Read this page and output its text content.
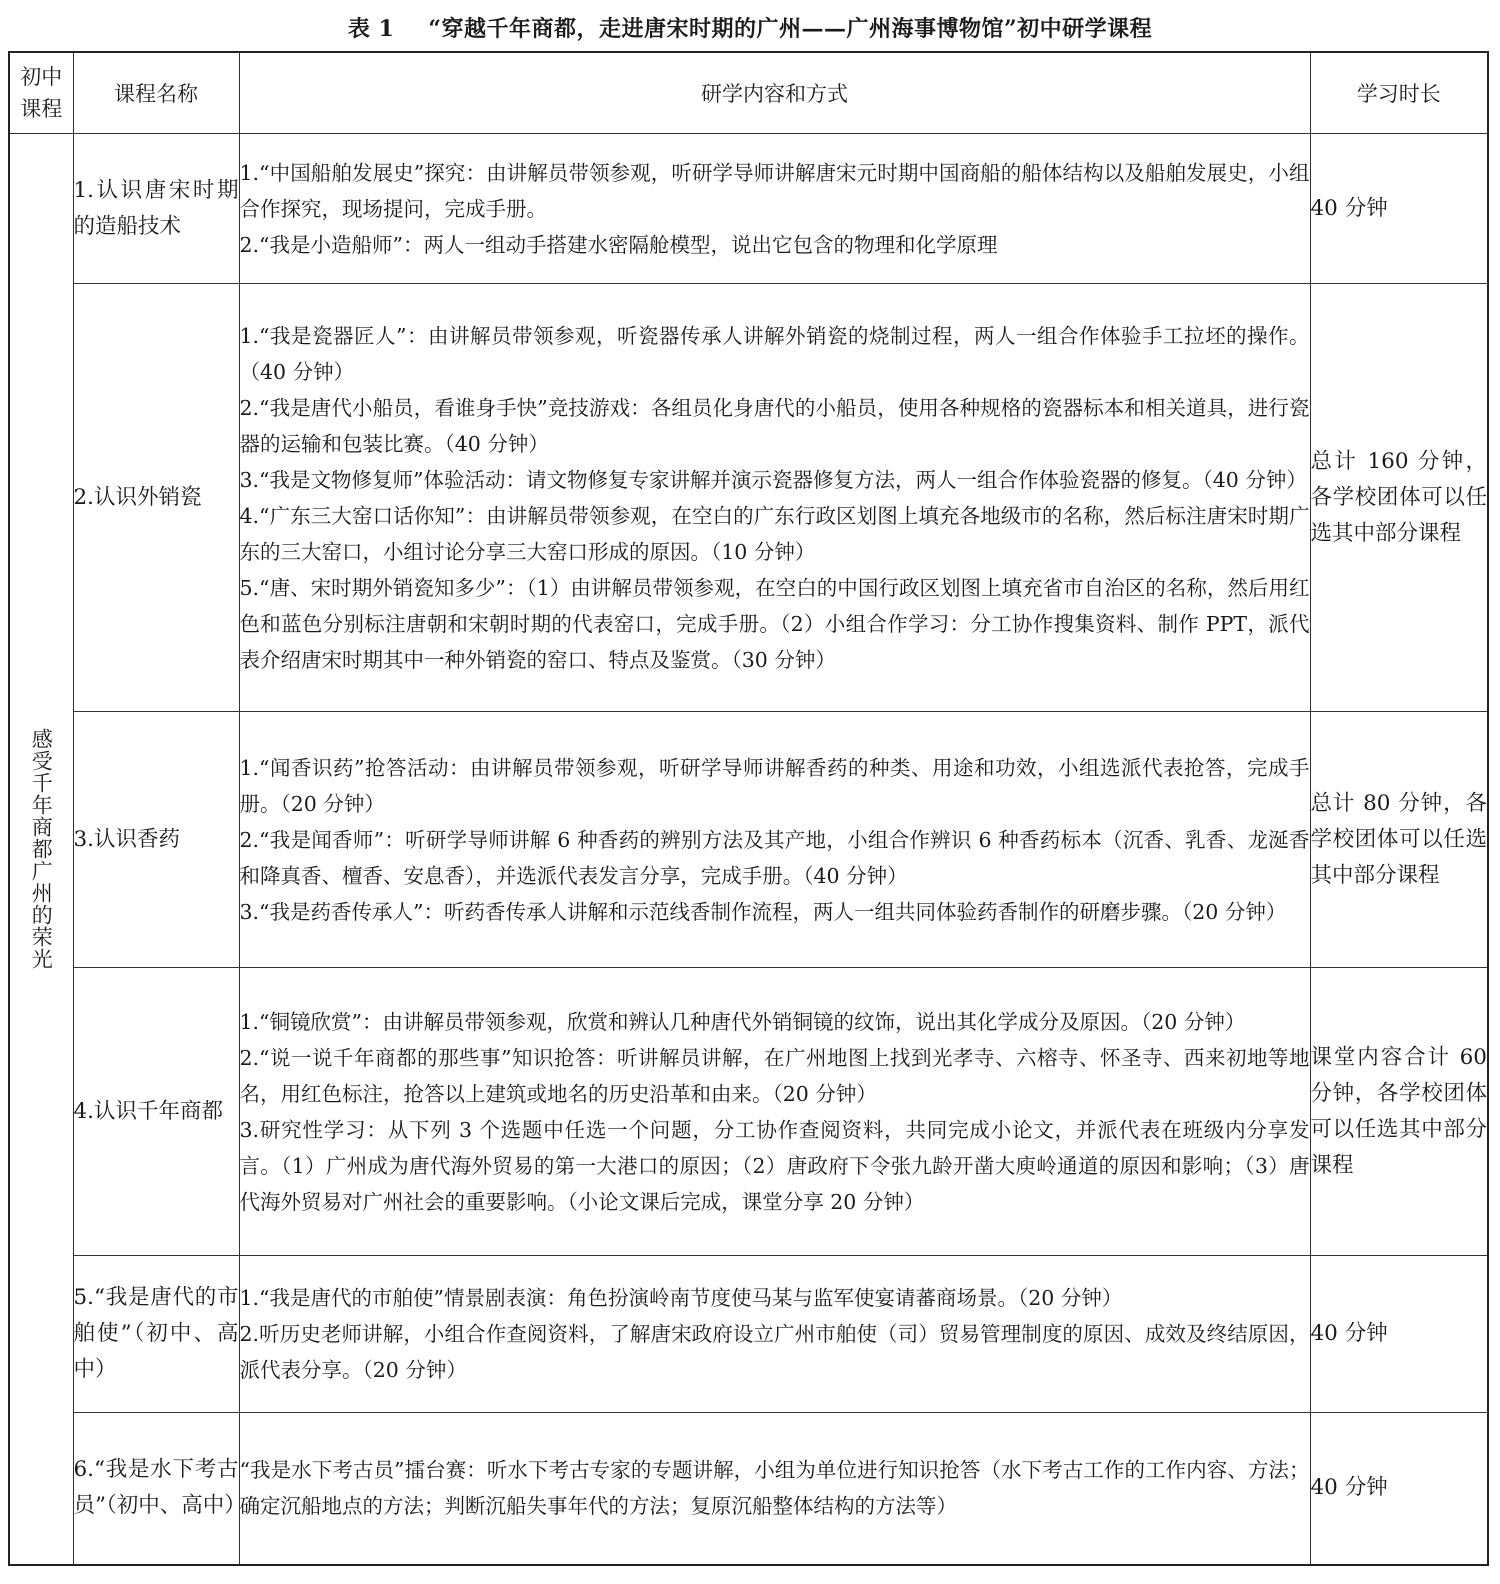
表 1 “穿越千年商都，走进唐宋时期的广州——广州海事博物馆”初中研学课程
初中课程	课程名称	研学内容和方式	学习时长

感受千年商都广州的荣光	1.认识唐宋时期的造船技术	1.“中国船舶发展史”探究：由讲解员带领参观，听研学导师讲解唐宋元时期中国商船的船体结构以及船舶发展史，小组合作探究，现场提问，完成手册。
2.“我是小造船师”：两人一组动手搭建水密隔舱模型，说出它包含的物理和化学原理	40 分钟
	2.认识外销瓷	1.“我是瓷器匠人”：由讲解员带领参观，听瓷器传承人讲解外销瓷的烧制过程，两人一组合作体验手工拉坯的操作。（40 分钟）
2.“我是唐代小船员，看谁身手快”竞技游戏：各组员化身唐代的小船员，使用各种规格的瓷器标本和相关道具，进行瓷器的运输和包装比赛。（40 分钟）
3.“我是文物修复师”体验活动：请文物修复专家讲解并演示瓷器修复方法，两人一组合作体验瓷器的修复。（40 分钟）
4.“广东三大窑口话你知”：由讲解员带领参观，在空白的广东行政区划图上填充各地级市的名称，然后标注唐宋时期广东的三大窑口，小组讨论分享三大窑口形成的原因。（10 分钟）
5.“唐、宋时期外销瓷知多少”：（1）由讲解员带领参观，在空白的中国行政区划图上填充省市自治区的名称，然后用红色和蓝色分别标注唐朝和宋朝时期的代表窑口，完成手册。（2）小组合作学习：分工协作搜集资料、制作 PPT，派代表介绍唐宋时期其中一种外销瓷的窑口、特点及鉴赏。（30 分钟）	总计 160 分钟，各学校团体可以任选其中部分课程
	3.认识香药	1.“闻香识药”抢答活动：由讲解员带领参观，听研学导师讲解香药的种类、用途和功效，小组选派代表抢答，完成手册。（20 分钟）
2.“我是闻香师”：听研学导师讲解 6 种香药的辨别方法及其产地，小组合作辨识 6 种香药标本（沉香、乳香、龙涎香和降真香、檀香、安息香），并选派代表发言分享，完成手册。（40 分钟）
3.“我是药香传承人”：听药香传承人讲解和示范线香制作流程，两人一组共同体验药香制作的研磨步骤。（20 分钟）	总计 80 分钟，各学校团体可以任选其中部分课程
	4.认识千年商都	1.“铜镜欣赏”：由讲解员带领参观，欣赏和辨认几种唐代外销铜镜的纹饰，说出其化学成分及原因。（20 分钟）
2.“说一说千年商都的那些事”知识抢答：听讲解员讲解，在广州地图上找到光孝寺、六榕寺、怀圣寺、西来初地等地名，用红色标注，抢答以上建筑或地名的历史沿革和由来。（20 分钟）
3.研究性学习：从下列 3 个选题中任选一个问题，分工协作查阅资料，共同完成小论文，并派代表在班级内分享发言。（1）广州成为唐代海外贸易的第一大港口的原因；（2）唐政府下令张九龄开凿大庾岭通道的原因和影响；（3）唐代海外贸易对广州社会的重要影响。（小论文课后完成，课堂分享 20 分钟）	课堂内容合计 60 分钟，各学校团体可以任选其中部分课程
	5.“我是唐代的市舶使”（初中、高中）	1.“我是唐代的市舶使”情景剧表演：角色扮演岭南节度使马某与监军使宴请蕃商场景。（20 分钟）
2.听历史老师讲解，小组合作查阅资料，了解唐宋政府设立广州市舶使（司）贸易管理制度的原因、成效及终结原因，派代表分享。（20 分钟）	40 分钟
	6.“我是水下考古员”（初中、高中）	“我是水下考古员”擂台赛：听水下考古专家的专题讲解，小组为单位进行知识抢答（水下考古工作的工作内容、方法；确定沉船地点的方法；判断沉船失事年代的方法；复原沉船整体结构的方法等）	40 分钟
